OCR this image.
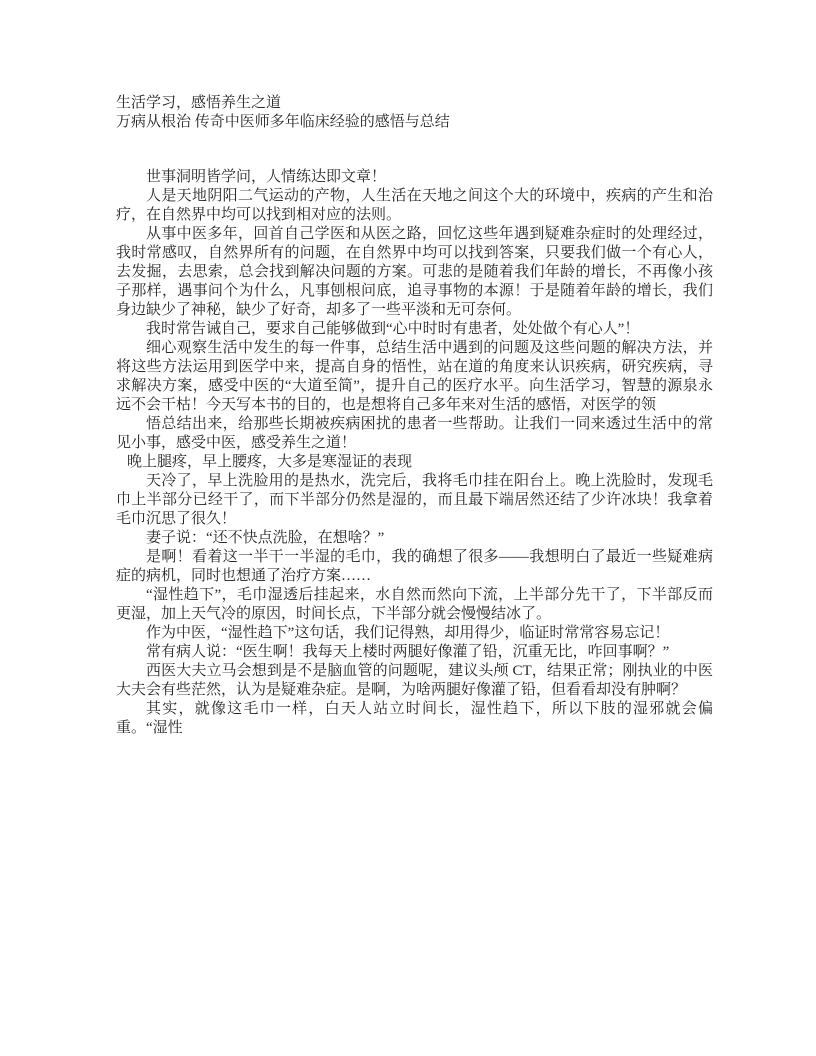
生活学习，感悟养生之道

万病从根治 传奇中医师多年临床经验的感悟与总结

世事洞明皆学问，人情练达即文章！

人是天地阴阳二气运动的产物，人生活在天地之间这个大的环境中，疾病的产生和治疗，在自然界中均可以找到相对应的法则。

从事中医多年，回首自己学医和从医之路，回忆这些年遇到疑难杂症时的处理经过，我时常感叹，自然界所有的问题，在自然界中均可以找到答案，只要我们做一个有心人，去发掘，去思索，总会找到解决问题的方案。可悲的是随着我们年龄的增长，不再像小孩子那样，遇事问个为什么，凡事刨根问底，追寻事物的本源！于是随着年龄的增长，我们身边缺少了神秘，缺少了好奇，却多了一些平淡和无可奈何。

我时常告诫自己，要求自己能够做到“心中时时有患者，处处做个有心人”！

细心观察生活中发生的每一件事，总结生活中遇到的问题及这些问题的解决方法，并将这些方法运用到医学中来，提高自身的悟性，站在道的角度来认识疾病，研究疾病，寻求解决方案，感受中医的“大道至简”，提升自己的医疗水平。向生活学习，智慧的源泉永远不会干枯！今天写本书的目的，也是想将自己多年来对生活的感悟，对医学的领

悟总结出来，给那些长期被疾病困扰的患者一些帮助。让我们一同来透过生活中的常见小事，感受中医，感受养生之道！

晚上腿疼，早上腰疼，大多是寒湿证的表现

天冷了，早上洗脸用的是热水，洗完后，我将毛巾挂在阳台上。晚上洗脸时，发现毛巾上半部分已经干了，而下半部分仍然是湿的，而且最下端居然还结了少许冰块！我拿着毛巾沉思了很久！

妻子说：“还不快点洗脸，在想啥？”

是啊！看着这一半干一半湿的毛巾，我的确想了很多——我想明白了最近一些疑难病症的病机，同时也想通了治疗方案……

“湿性趋下”，毛巾湿透后挂起来，水自然而然向下流，上半部分先干了，下半部反而更湿，加上天气冷的原因，时间长点，下半部分就会慢慢结冰了。

作为中医，“湿性趋下”这句话，我们记得熟，却用得少，临证时常常容易忘记！

常有病人说：“医生啊！我每天上楼时两腿好像灌了铅，沉重无比，咋回事啊？”

西医大夫立马会想到是不是脑血管的问题呢，建议头颅 CT，结果正常；刚执业的中医大夫会有些茫然，认为是疑难杂症。是啊，为啥两腿好像灌了铅，但看看却没有肿啊？

其实，就像这毛巾一样，白天人站立时间长，湿性趋下，所以下肢的湿邪就会偏重。“湿性
